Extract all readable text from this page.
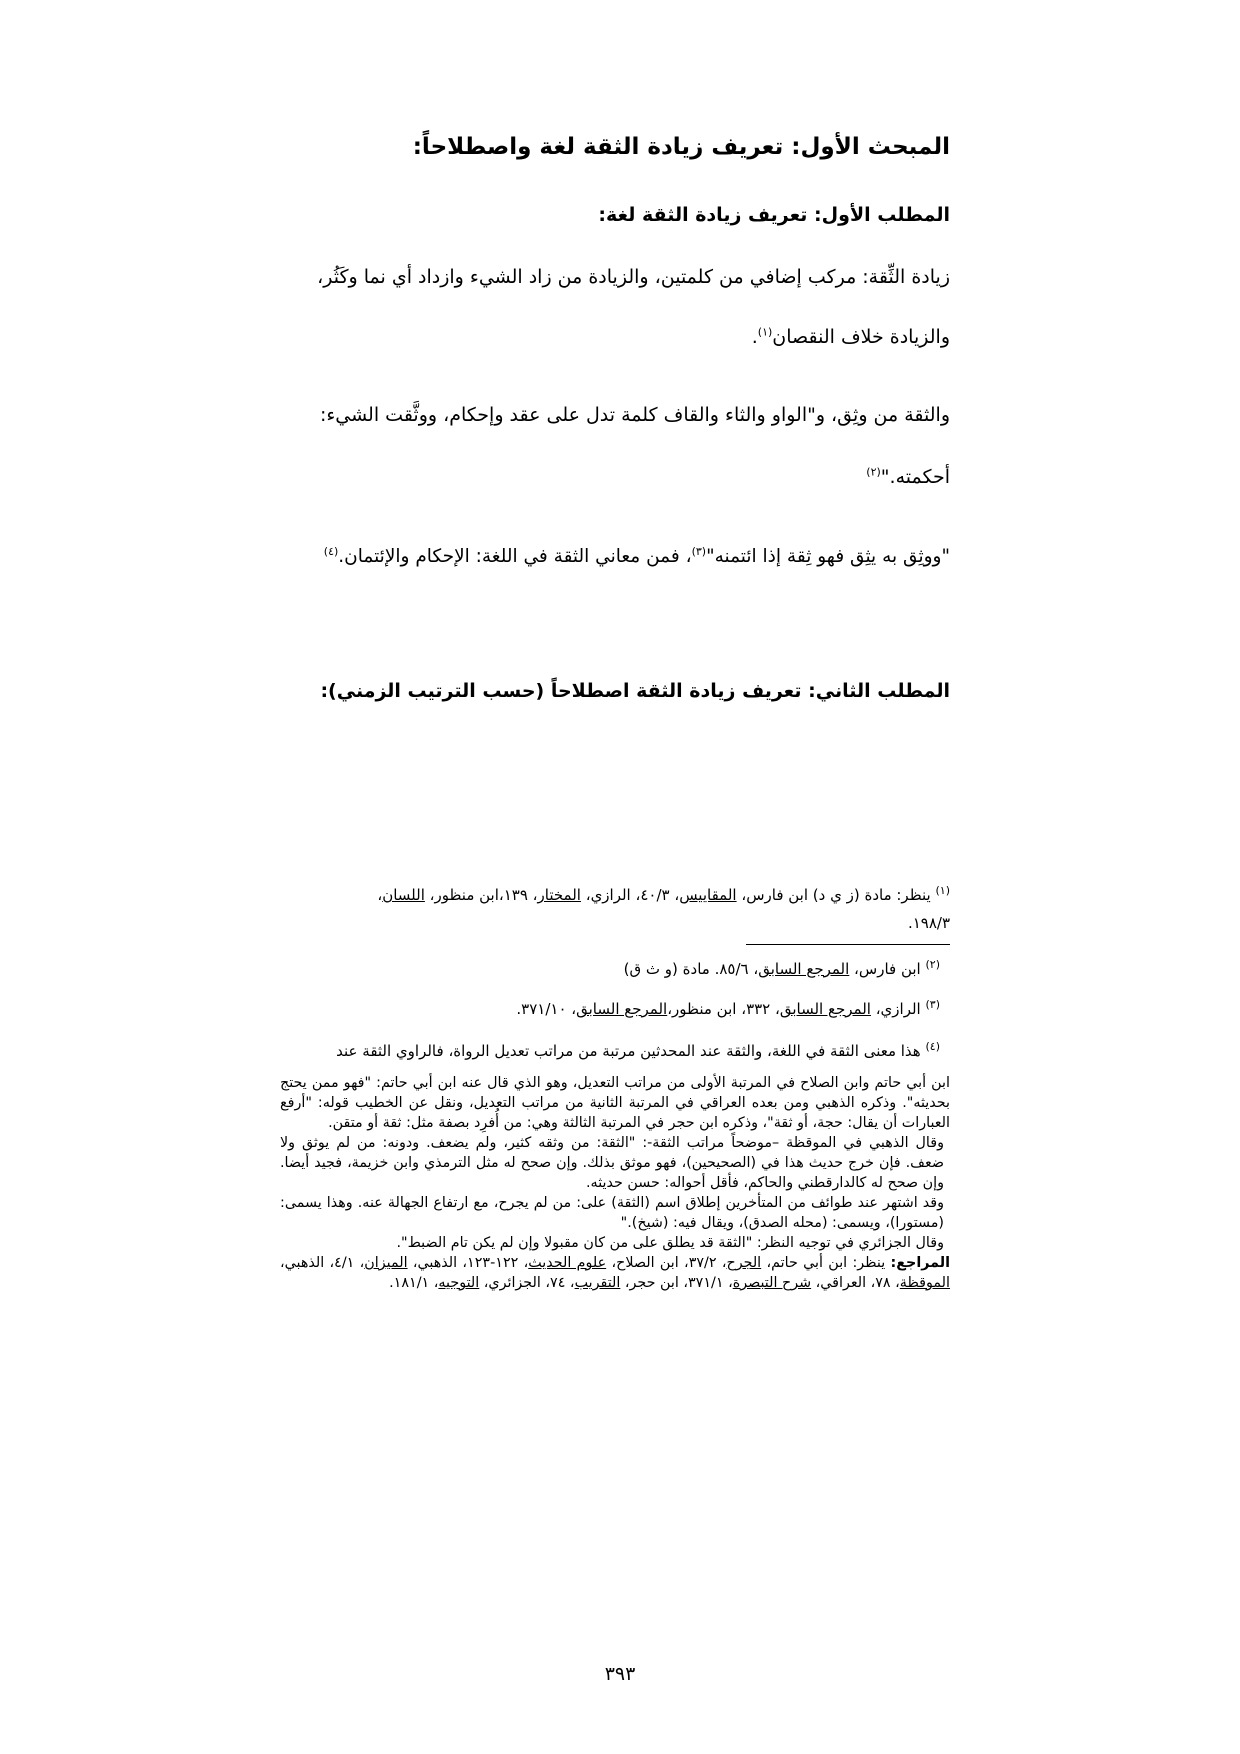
المبحث الأول: تعريف زيادة الثقة لغة واصطلاحاً:
المطلب الأول: تعريف زيادة الثقة لغة:
زيادة الثِّقة: مركب إضافي من كلمتين، والزيادة من زاد الشيء وازداد أي نما وكَثُر،
والزيادة خلاف النقصان$^{(١)}$.
والثقة من وثِق، و"الواو والثاء والقاف كلمة تدل على عقد وإحكام، ووثَّقت الشيء:
أحكمته."$^{(٢)}$
"ووثِق به يثِق فهو ثِقة إذا ائتمنه"$^{(٣)}$، فمن معاني الثقة في اللغة: الإحكام والإئتمان.$^{(٤)}$
المطلب الثاني: تعريف زيادة الثقة اصطلاحاً (حسب الترتيب الزمني):
$^{(١)}$ ينظر: مادة (ز ي د) ابن فارس، المقاييس، ٤٠/٣، الرازي، المختار، ١٣٩،ابن منظور، اللسان،
١٩٨/٣.
$^{(٢)}$ ابن فارس، المرجع السابق، ٨٥/٦. مادة (و ث ق)
$^{(٣)}$ الرازي، المرجع السابق، ٣٣٢، ابن منظور،المرجع السابق، ٣٧١/١٠.
$^{(٤)}$ هذا معنى الثقة في اللغة، والثقة عند المحدثين مرتبة من مراتب تعديل الرواة، فالراوي الثقة عند

ابن أبي حاتم وابن الصلاح في المرتبة الأولى من مراتب التعديل، وهو الذي قال عنه ابن أبي حاتم: "فهو ممن يحتج بحديثه". وذكره الذهبي ومن بعده العراقي في المرتبة الثانية من مراتب التعديل، ونقل عن الخطيب قوله: "أرفع العبارات أن يقال: حجة، أو ثقة"، وذكره ابن حجر في المرتبة الثالثة وهي: من أُفرِد بصفة مثل: ثقة أو متقن.

وقال الذهبي في الموقظة –موضحاً مراتب الثقة-: "الثقة: من وثقه كثير، ولم يضعف. ودونه: من لم يوثق ولا ضعف. فإن خرج حديث هذا في (الصحيحين)، فهو موثق بذلك. وإن صحح له مثل الترمذي وابن خزيمة، فجيد أيضا. وإن صحح له كالدارقطني والحاكم، فأقل أحواله: حسن حديثه.

وقد اشتهر عند طوائف من المتأخرين إطلاق اسم (الثقة) على: من لم يجرح، مع ارتفاع الجهالة عنه. وهذا يسمى: (مستورا)، ويسمى: (محله الصدق)، ويقال فيه: (شيخ)."

وقال الجزائري في توجيه النظر: "الثقة قد يطلق على من كان مقبولا وإن لم يكن تام الضبط".

المراجع: ينظر: ابن أبي حاتم، الجرح، ٣٧/٢، ابن الصلاح، علوم الحديث، ١٢٢-١٢٣، الذهبي، الميزان، ٤/١، الذهبي، الموقظة، ٧٨، العراقي، شرح التبصرة، ٣٧١/١، ابن حجر، التقريب، ٧٤، الجزائري، التوجيه، ١٨١/١.

٣٩٣
